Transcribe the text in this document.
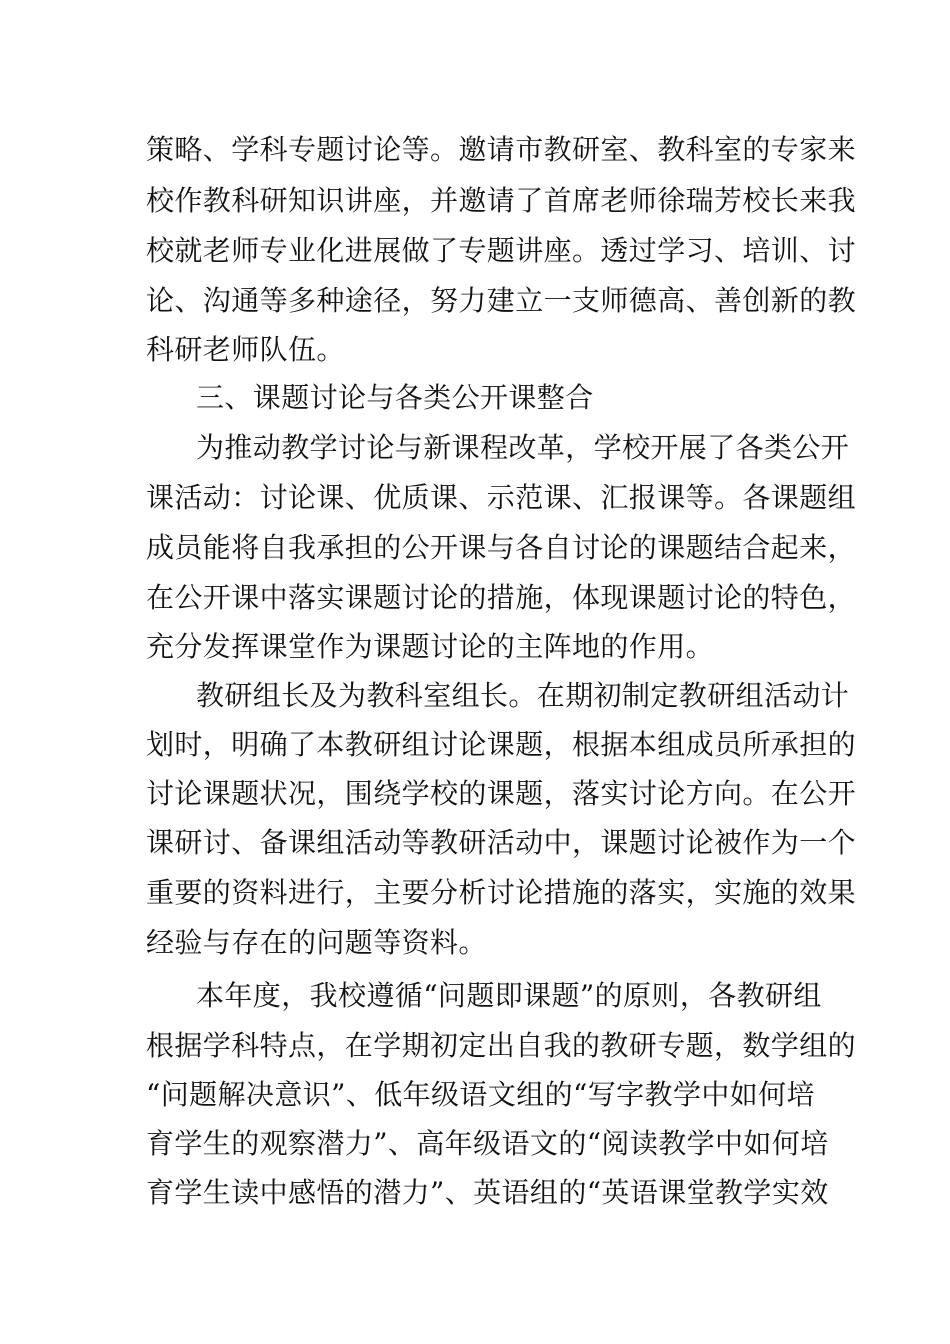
策略、学科专题讨论等。邀请市教研室、教科室的专家来
校作教科研知识讲座，并邀请了首席老师徐瑞芳校长来我
校就老师专业化进展做了专题讲座。透过学习、培训、讨
论、沟通等多种途径，努力建立一支师德高、善创新的教
科研老师队伍。
三、课题讨论与各类公开课整合
为推动教学讨论与新课程改革，学校开展了各类公开
课活动：讨论课、优质课、示范课、汇报课等。各课题组
成员能将自我承担的公开课与各自讨论的课题结合起来，
在公开课中落实课题讨论的措施，体现课题讨论的特色，
充分发挥课堂作为课题讨论的主阵地的作用。
教研组长及为教科室组长。在期初制定教研组活动计
划时，明确了本教研组讨论课题，根据本组成员所承担的
讨论课题状况，围绕学校的课题，落实讨论方向。在公开
课研讨、备课组活动等教研活动中，课题讨论被作为一个
重要的资料进行，主要分析讨论措施的落实，实施的效果
经验与存在的问题等资料。
本年度，我校遵循“问题即课题”的原则，各教研组
根据学科特点，在学期初定出自我的教研专题，数学组的
“问题解决意识”、低年级语文组的“写字教学中如何培
育学生的观察潜力”、高年级语文的“阅读教学中如何培
育学生读中感悟的潜力”、英语组的“英语课堂教学实效
